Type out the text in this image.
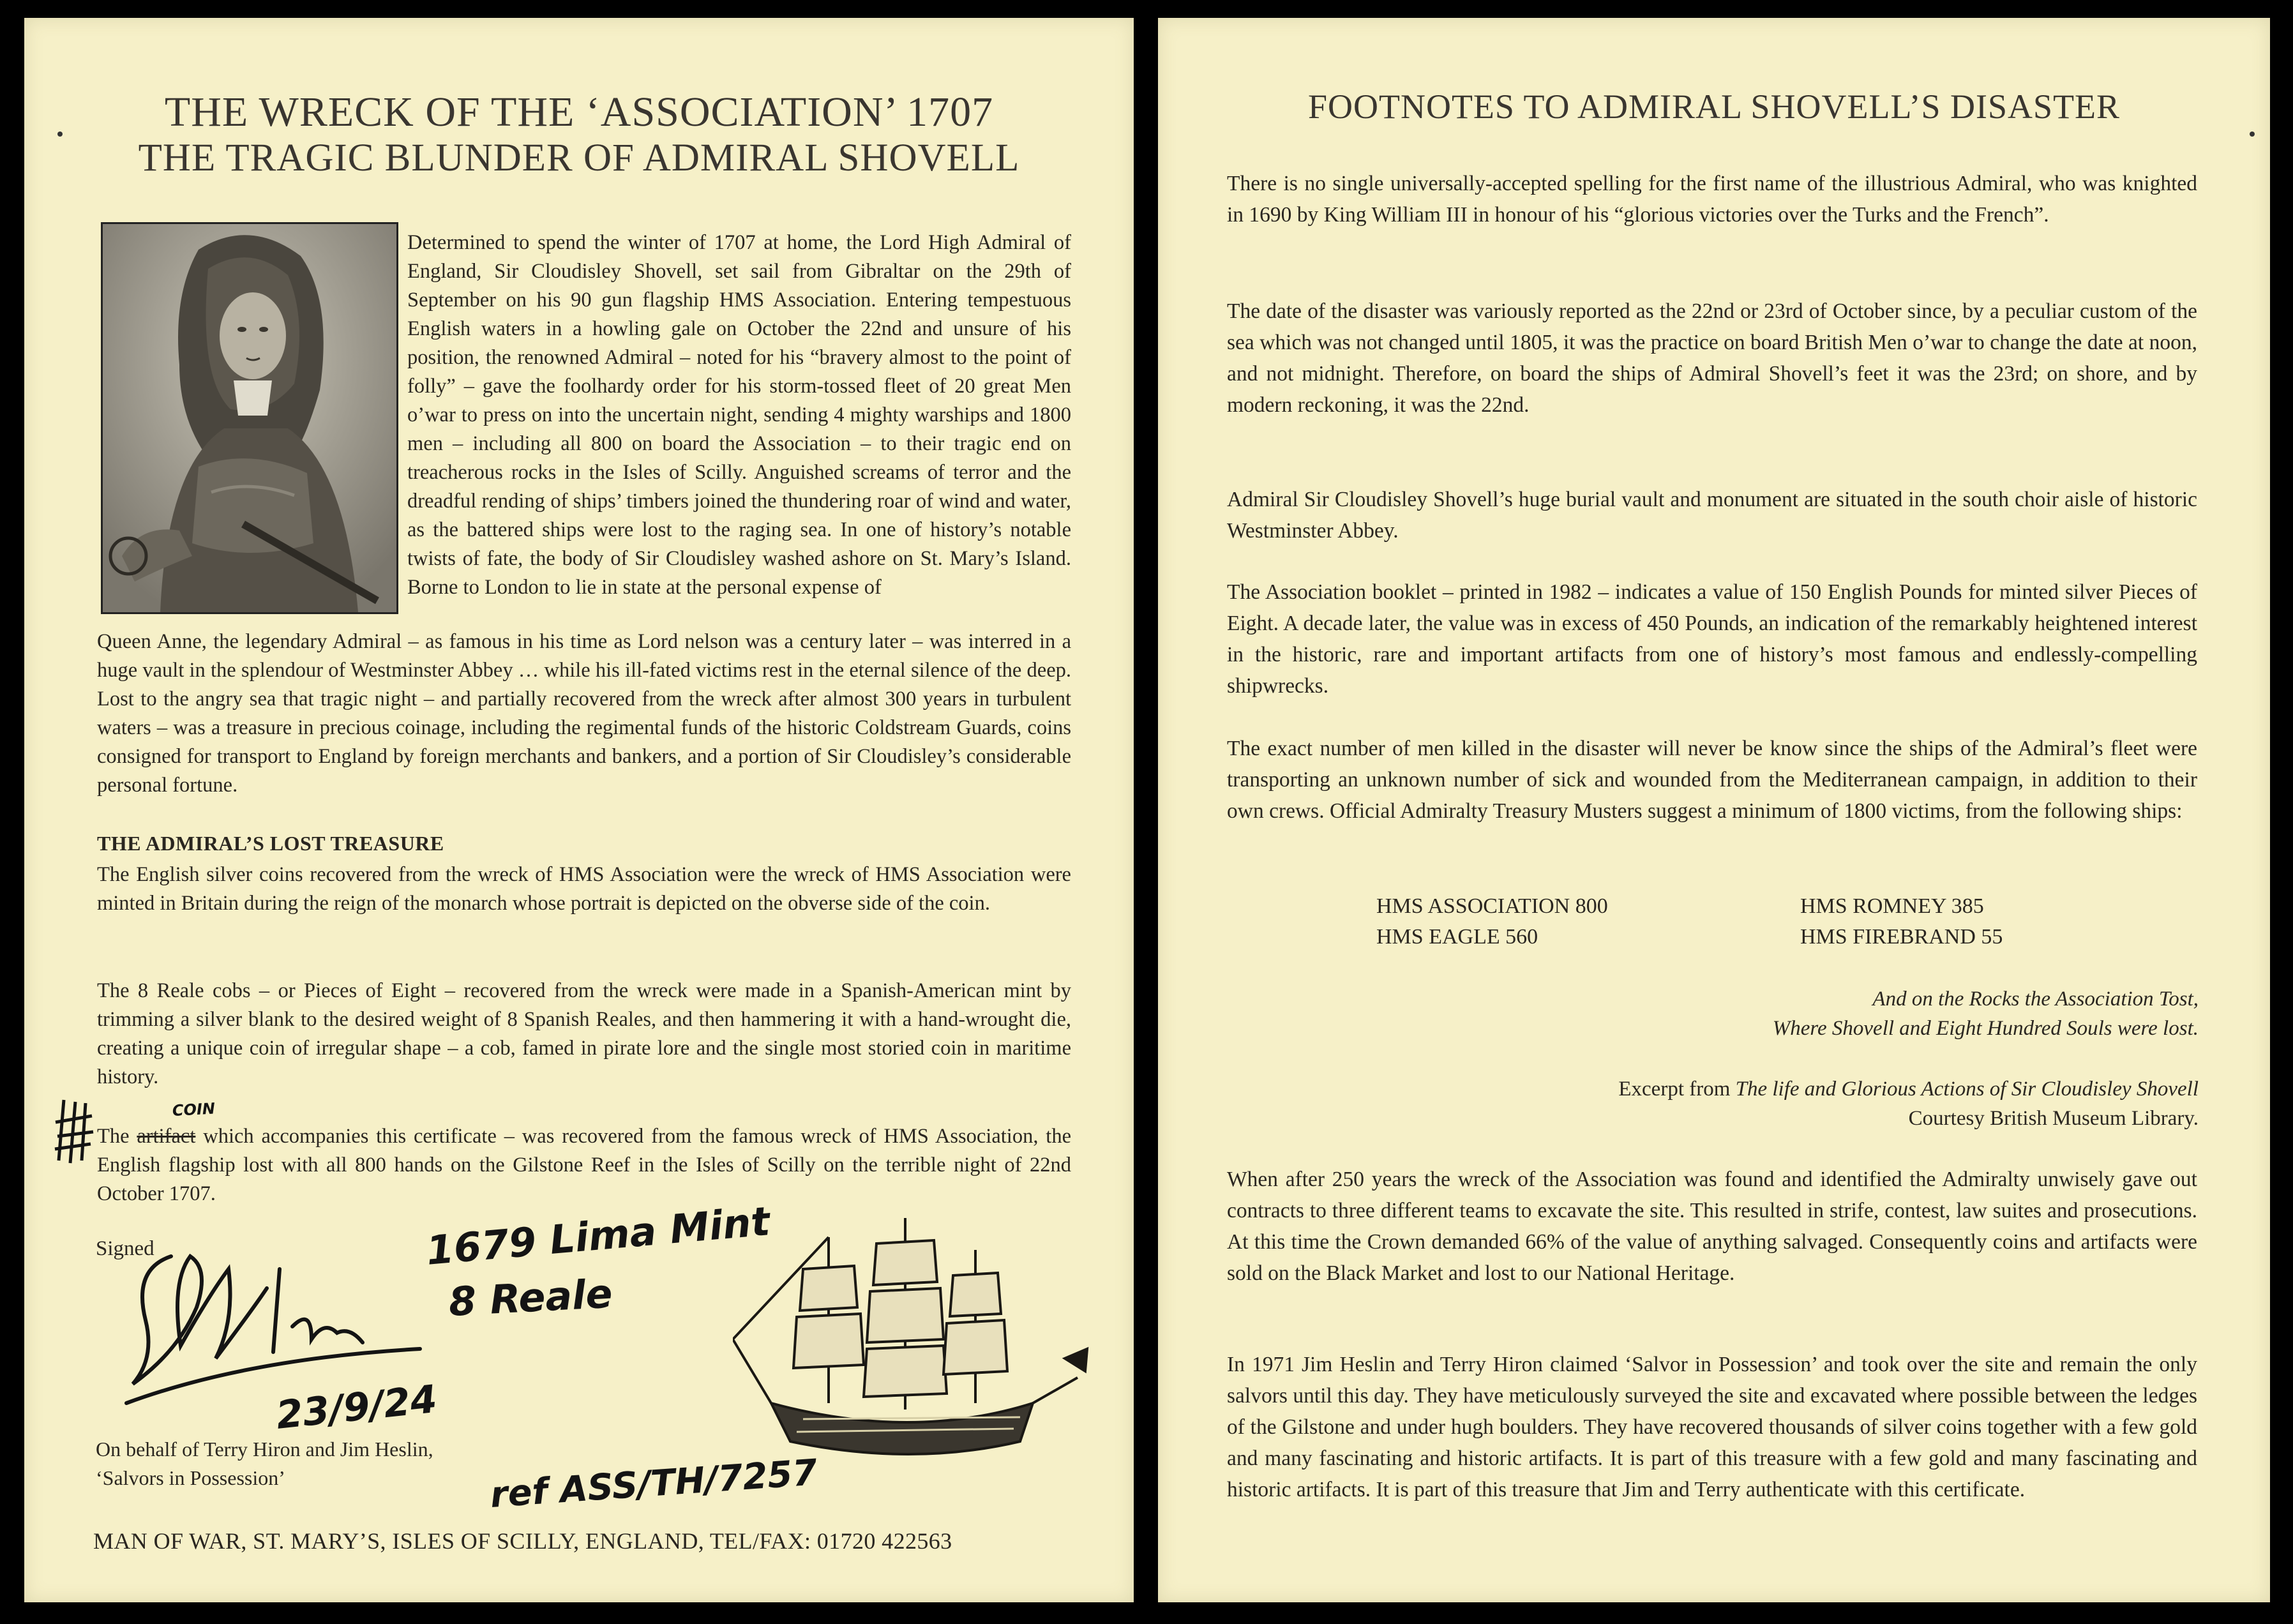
THE WRECK OF THE ‘ASSOCIATION’ 1707
THE TRAGIC BLUNDER OF ADMIRAL SHOVELL

Determined to spend the winter of 1707 at home, the Lord High Admiral of England, Sir Cloudisley Shovell, set sail from Gibraltar on the 29th of September on his 90 gun flagship HMS Association. Entering tempestuous English waters in a howling gale on October the 22nd and unsure of his position, the renowned Admiral – noted for his “bravery almost to the point of folly” – gave the foolhardy order for his storm-tossed fleet of 20 great Men o’war to press on into the uncertain night, sending 4 mighty warships and 1800 men – including all 800 on board the Association – to their tragic end on treacherous rocks in the Isles of Scilly. Anguished screams of terror and the dreadful rending of ships’ timbers joined the thundering roar of wind and water, as the battered ships were lost to the raging sea. In one of history’s notable twists of fate, the body of Sir Cloudisley washed ashore on St. Mary’s Island. Borne to London to lie in state at the personal expense of

Queen Anne, the legendary Admiral – as famous in his time as Lord nelson was a century later – was interred in a huge vault in the splendour of Westminster Abbey … while his ill-fated victims rest in the eternal silence of the deep. Lost to the angry sea that tragic night – and partially recovered from the wreck after almost 300 years in turbulent waters – was a treasure in precious coinage, including the regimental funds of the historic Coldstream Guards, coins consigned for transport to England by foreign merchants and bankers, and a portion of Sir Cloudisley’s considerable personal fortune.

THE ADMIRAL’S LOST TREASURE

The English silver coins recovered from the wreck of HMS Association were the wreck of HMS Association were minted in Britain during the reign of the monarch whose portrait is depicted on the obverse side of the coin.

The 8 Reale cobs – or Pieces of Eight – recovered from the wreck were made in a Spanish-American mint by trimming a silver blank to the desired weight of 8 Spanish Reales, and then hammering it with a hand-wrought die, creating a unique coin of irregular shape – a cob, famed in pirate lore and the single most storied coin in maritime history.

The artifact which accompanies this certificate – was recovered from the famous wreck of HMS Association, the English flagship lost with all 800 hands on the Gilstone Reef in the Isles of Scilly on the terrible night of 22nd October 1707.

COIN
Signed	1679 Lima Mint
8 Reale
23/9/24
On behalf of Terry Hiron and Jim Heslin,
‘Salvors in Possession’	ref ASS/TH/7257
MAN OF WAR, ST. MARY’S, ISLES OF SCILLY, ENGLAND, TEL/FAX: 01720 422563
FOOTNOTES TO ADMIRAL SHOVELL’S DISASTER

There is no single universally-accepted spelling for the first name of the illustrious Admiral, who was knighted in 1690 by King William III in honour of his “glorious victories over the Turks and the French”.

The date of the disaster was variously reported as the 22nd or 23rd of October since, by a peculiar custom of the sea which was not changed until 1805, it was the practice on board British Men o’war to change the date at noon, and not midnight. Therefore, on board the ships of Admiral Shovell’s feet it was the 23rd; on shore, and by modern reckoning, it was the 22nd.

Admiral Sir Cloudisley Shovell’s huge burial vault and monument are situated in the south choir aisle of historic Westminster Abbey.

The Association booklet – printed in 1982 – indicates a value of 150 English Pounds for minted silver Pieces of Eight. A decade later, the value was in excess of 450 Pounds, an indication of the remarkably heightened interest in the historic, rare and important artifacts from one of history’s most famous and endlessly-compelling shipwrecks.

The exact number of men killed in the disaster will never be know since the ships of the Admiral’s fleet were transporting an unknown number of sick and wounded from the Mediterranean campaign, in addition to their own crews. Official Admiralty Treasury Musters suggest a minimum of 1800 victims, from the following ships:

HMS ASSOCIATION 800
HMS EAGLE 560
HMS ROMNEY 385
HMS FIREBRAND 55
And on the Rocks the Association Tost,
Where Shovell and Eight Hundred Souls were lost.
Excerpt from The life and Glorious Actions of Sir Cloudisley Shovell
Courtesy British Museum Library.

When after 250 years the wreck of the Association was found and identified the Admiralty unwisely gave out contracts to three different teams to excavate the site. This resulted in strife, contest, law suites and prosecutions. At this time the Crown demanded 66% of the value of anything salvaged. Consequently coins and artifacts were sold on the Black Market and lost to our National Heritage.

In 1971 Jim Heslin and Terry Hiron claimed ‘Salvor in Possession’ and took over the site and remain the only salvors until this day. They have meticulously surveyed the site and excavated where possible between the ledges of the Gilstone and under hugh boulders. They have recovered thousands of silver coins together with a few gold and many fascinating and historic artifacts. It is part of this treasure with a few gold and many fascinating and historic artifacts. It is part of this treasure that Jim and Terry authenticate with this certificate.
